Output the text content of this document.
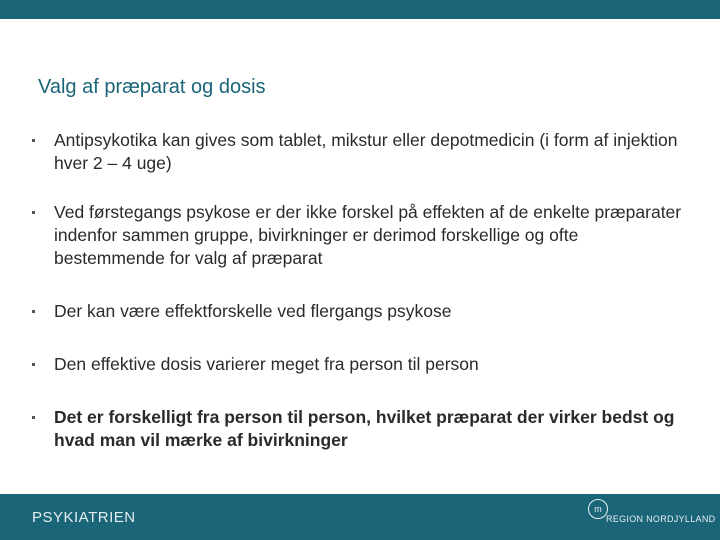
Valg af præparat og dosis
Antipsykotika kan gives som tablet, mikstur eller depotmedicin (i form af injektion hver 2 – 4 uge)
Ved førstegangs psykose er der ikke forskel på effekten af de enkelte præparater indenfor sammen gruppe, bivirkninger er derimod forskellige og ofte bestemmende for valg af præparat
Der kan være effektforskelle ved flergangs psykose
Den effektive dosis varierer meget fra person til person
Det er forskelligt fra person til person, hvilket præparat der virker bedst og hvad man vil mærke af bivirkninger
PSYKIATRIEN	m
REGION NORDJYLLAND
